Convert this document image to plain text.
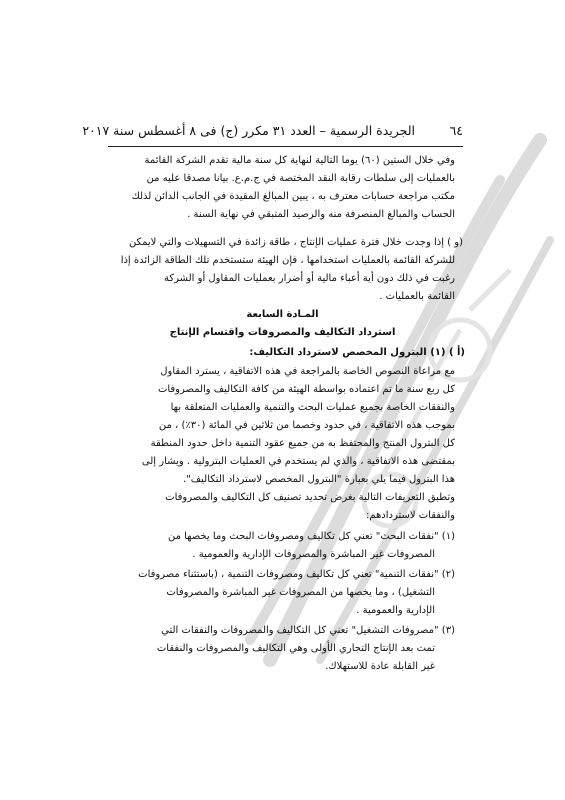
٦٤
الجريدة الرسمية – العدد ٣١ مكرر (ج) فى ٨ أغسطس سنة ٢٠١٧
وفي خلال الستين (٦٠) يوما التالية لنهاية كل سنة مالية تقدم الشركة القائمة
بالعمليات إلى سلطات رقابة النقد المختصة في ج.م.ع. بيانا مصدقا عليه من
مكتب مراجعة حسابات معترف به ، يبين المبالغ المقيدة في الجانب الدائن لذلك
الحساب والمبالغ المنصرفة منه والرصيد المتبقي في نهاية السنة .
(و ) إذا وجدت خلال فترة عمليات الإنتاج ، طاقة زائدة في التسهيلات والتي لايمكن
للشركة القائمة بالعمليات استخدامها ، فإن الهيئة ستستخدم تلك الطاقة الزائدة إذا
رغبت في ذلك دون أية أعباء مالية أو أضرار بعمليات المقاول أو الشركة
القائمة بالعمليات .
المـادة السابعة
استرداد التكاليف والمصروفات واقتسام الإنتاج
(أ ) (١) البترول المخصص لاسترداد التكاليف:
مع مراعاة النصوص الخاصة بالمراجعة في هذه الاتفاقية ، يسترد المقاول
كل ربع سنة ما تم اعتماده بواسطة الهيئة من كافة التكاليف والمصروفات
والنفقات الخاصة بجميع عمليات البحث والتنمية والعمليات المتعلقة بها
بموجب هذه الاتفاقية ، في حدود وخصما من ثلاثين في المائة (٣٠٪) ، من
كل البترول المنتج والمحتفظ به من جميع عقود التنمية داخل حدود المنطقة
بمقتضى هذه الاتفاقية ، والذي لم يستخدم في العمليات البترولية . ويشار إلى
هذا البترول فيما يلي بعبارة "البترول المخصص لاسترداد التكاليف".
وتطبق التعريفات التالية بغرض تحديد تصنيف كل التكاليف والمصروفات
والنفقات لاستردادهم:
(١) "نفقات البحث" تعني كل تكاليف ومصروفات البحث وما يخصها من
المصروفات غير المباشرة والمصروفات الإدارية والعمومية .
(٢) "نفقات التنمية" تعني كل تكاليف ومصروفات التنمية ، (باستثناء مصروفات
التشغيل) ، وما يخصها من المصروفات غير المباشرة والمصروفات
الإدارية والعمومية .
(٣) "مصروفات التشغيل" تعني كل التكاليف والمصروفات والنفقات التي
تمت بعد الإنتاج التجاري الأولى وهي التكاليف والمصروفات والنفقات
غير القابلة عادة للاستهلاك.
